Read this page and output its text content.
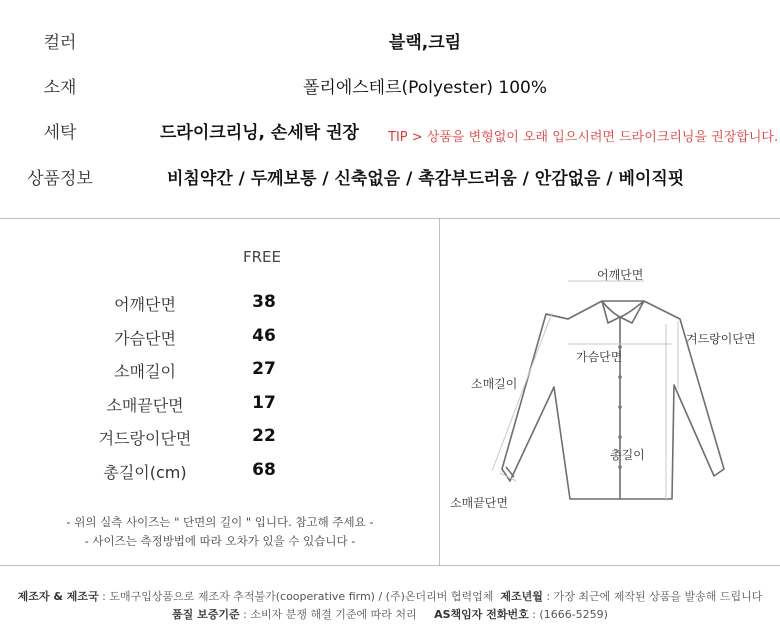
컬러	블랙,크림
소재	폴리에스테르(Polyester) 100%
세탁	드라이크리닝, 손세탁 권장 TIP > 상품을 변형없이 오래 입으시려면 드라이크리닝을 권장합니다.
상품정보	비침약간 / 두께보통 / 신축없음 / 촉감부드러움 / 안감없음 / 베이직핏
FREE
어깨단면	38
가슴단면	46
소매길이	27
소매끝단면	17
겨드랑이단면	22
총길이(cm)	68
- 위의 실측 사이즈는 " 단면의 길이 " 입니다. 참고해 주세요 -
- 사이즈는 측정방법에 따라 오차가 있을 수 있습니다 -
어깨단면
겨드랑이단면
가슴단면
소매길이
총길이
소매끝단면
제조자 & 제조국 : 도매구입상품으로 제조자 추적불가(cooperative firm) / (주)온더리버 협력업체 제조년월 : 가장 최근에 제작된 상품을 발송해 드립니다
품질 보증기준 : 소비자 분쟁 해결 기준에 따라 처리 AS책임자 전화번호 : (1666-5259)
